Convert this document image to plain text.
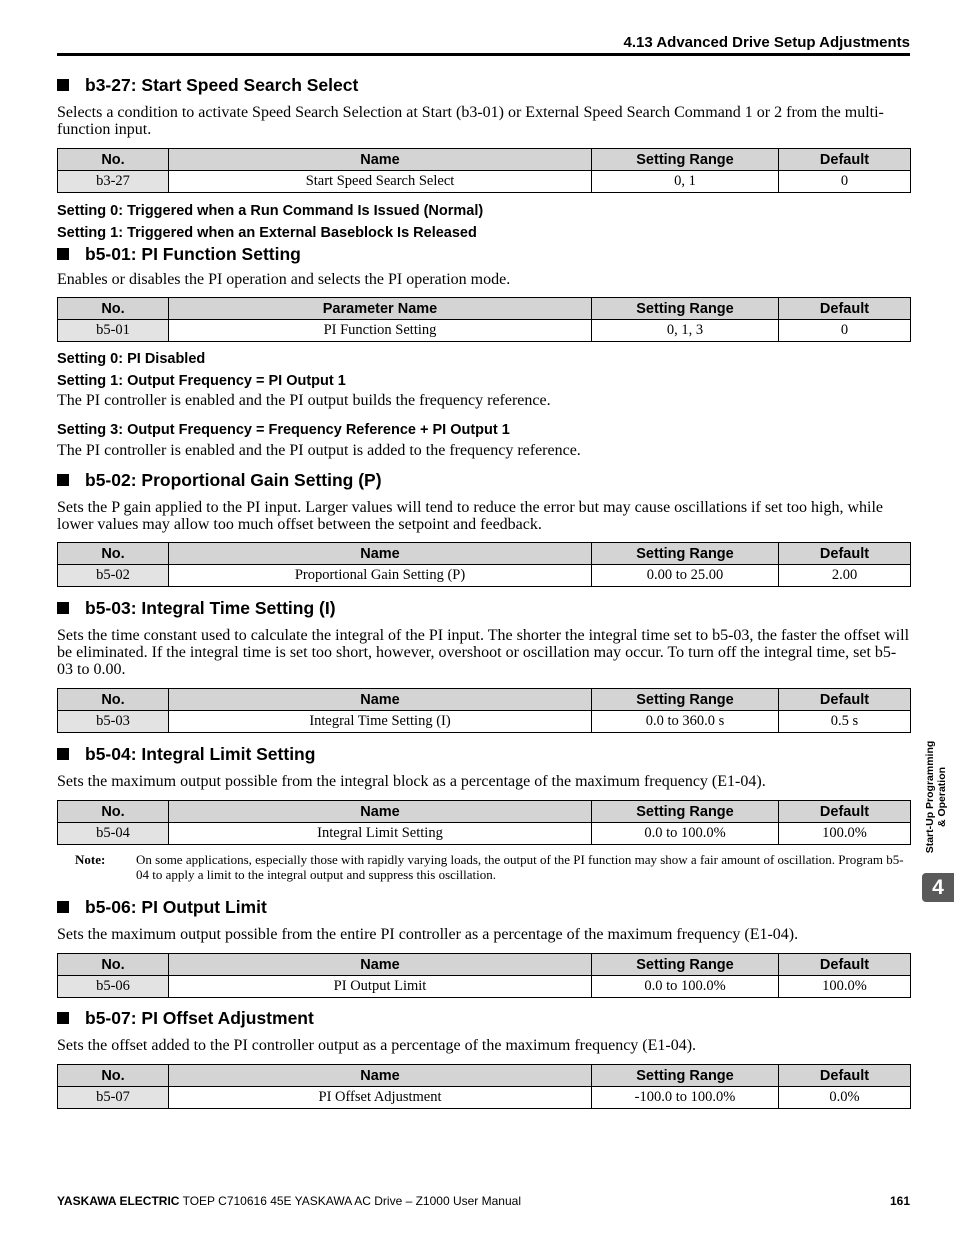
4.13 Advanced Drive Setup Adjustments
b3-27: Start Speed Search Select

Selects a condition to activate Speed Search Selection at Start (b3-01) or External Speed Search Command 1 or 2 from the multi-function input.

No.	Name	Setting Range	Default
b3-27	Start Speed Search Select	0, 1	0

Setting 0: Triggered when a Run Command Is Issued (Normal)

Setting 1: Triggered when an External Baseblock Is Released

b5-01: PI Function Setting

Enables or disables the PI operation and selects the PI operation mode.

No.	Parameter Name	Setting Range	Default
b5-01	PI Function Setting	0, 1, 3	0

Setting 0: PI Disabled

Setting 1: Output Frequency = PI Output 1

The PI controller is enabled and the PI output builds the frequency reference.

Setting 3: Output Frequency = Frequency Reference + PI Output 1

The PI controller is enabled and the PI output is added to the frequency reference.

b5-02: Proportional Gain Setting (P)

Sets the P gain applied to the PI input. Larger values will tend to reduce the error but may cause oscillations if set too high, while lower values may allow too much offset between the setpoint and feedback.

No.	Name	Setting Range	Default
b5-02	Proportional Gain Setting (P)	0.00 to 25.00	2.00
b5-03: Integral Time Setting (I)

Sets the time constant used to calculate the integral of the PI input. The shorter the integral time set to b5-03, the faster the offset will be eliminated. If the integral time is set too short, however, overshoot or oscillation may occur. To turn off the integral time, set b5-03 to 0.00.

No.	Name	Setting Range	Default
b5-03	Integral Time Setting (I)	0.0 to 360.0 s	0.5 s
b5-04: Integral Limit Setting

Sets the maximum output possible from the integral block as a percentage of the maximum frequency (E1-04).

No.	Name	Setting Range	Default
b5-04	Integral Limit Setting	0.0 to 100.0%	100.0%
Note:	On some applications, especially those with rapidly varying loads, the output of the PI function may show a fair amount of oscillation. Program b5-04 to apply a limit to the integral output and suppress this oscillation.
b5-06: PI Output Limit

Sets the maximum output possible from the entire PI controller as a percentage of the maximum frequency (E1-04).

No.	Name	Setting Range	Default
b5-06	PI Output Limit	0.0 to 100.0%	100.0%
b5-07: PI Offset Adjustment

Sets the offset added to the PI controller output as a percentage of the maximum frequency (E1-04).

No.	Name	Setting Range	Default
b5-07	PI Offset Adjustment	-100.0 to 100.0%	0.0%
Start-Up Programming & Operation
4
YASKAWA ELECTRIC TOEP C710616 45E YASKAWA AC Drive – Z1000 User Manual	161
